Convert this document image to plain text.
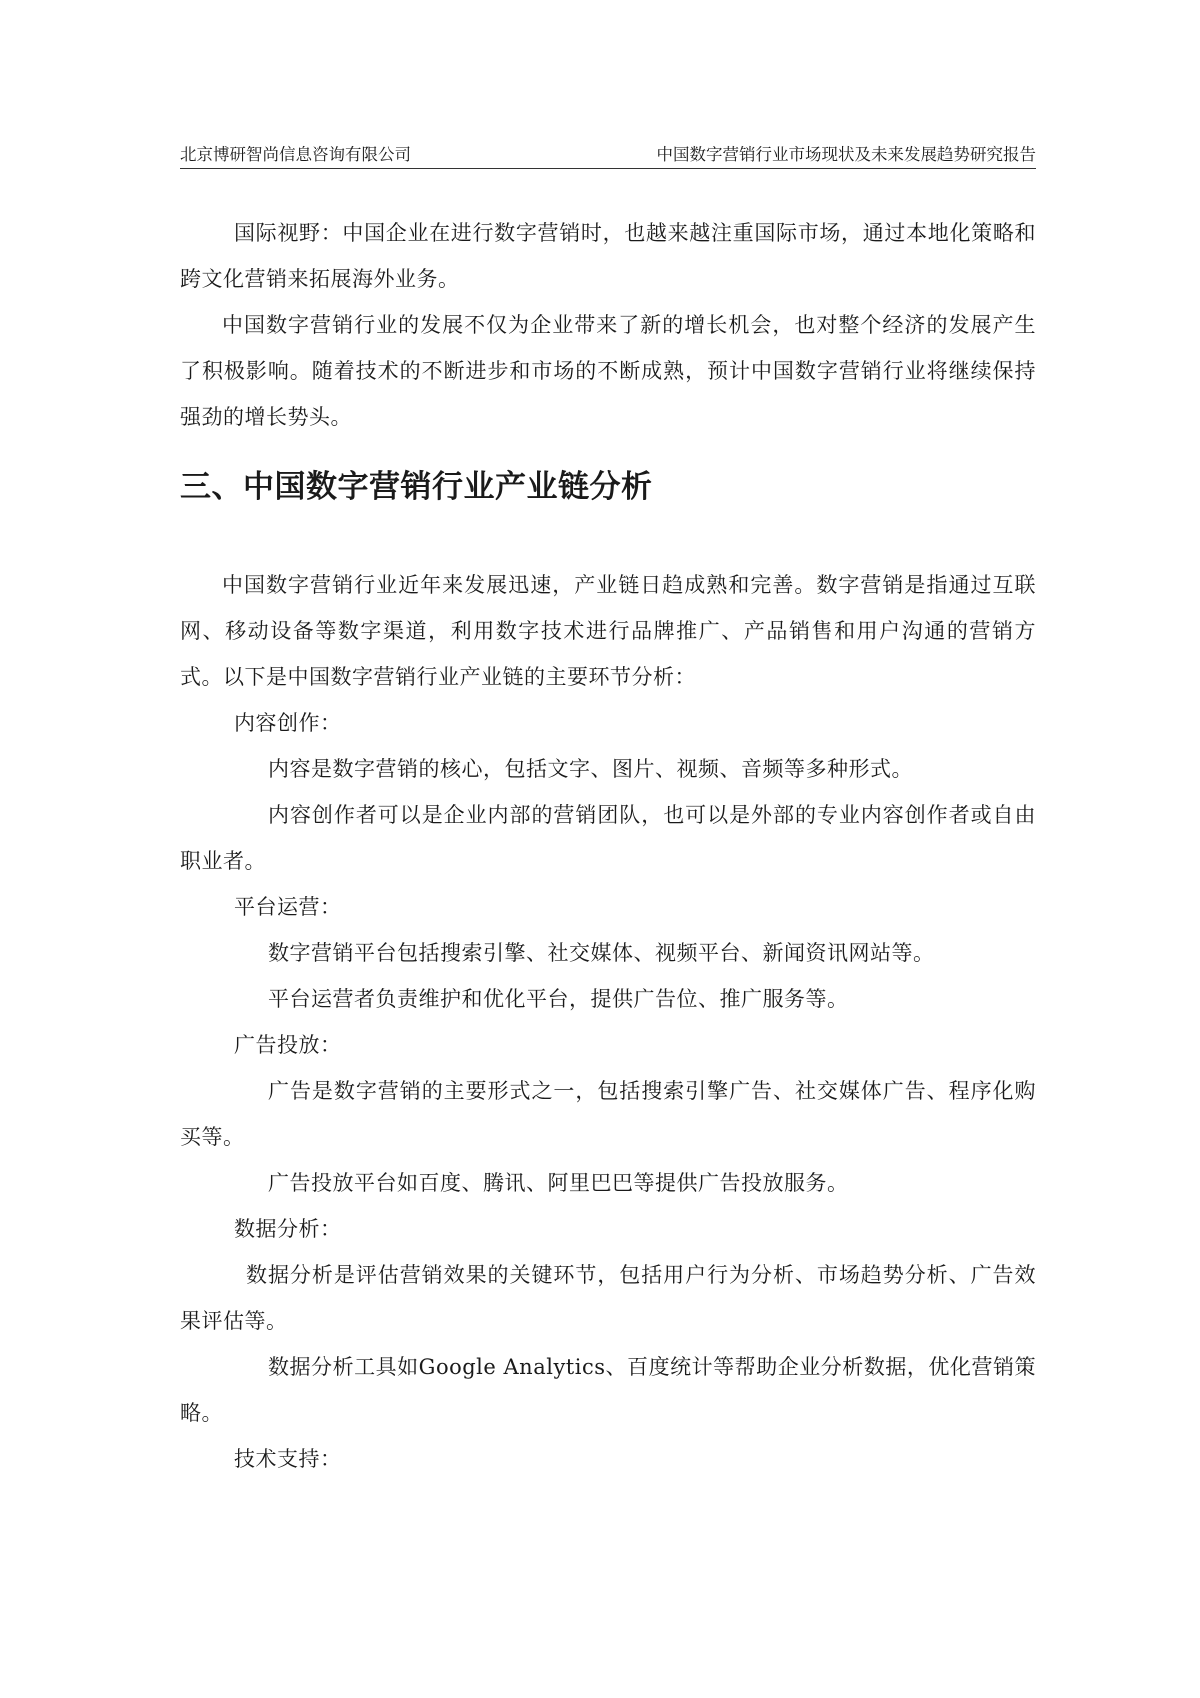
北京博研智尚信息咨询有限公司	中国数字营销行业市场现状及未来发展趋势研究报告

国际视野：中国企业在进行数字营销时，也越来越注重国际市场，通过本地化策略和跨文化营销来拓展海外业务。

中国数字营销行业的发展不仅为企业带来了新的增长机会，也对整个经济的发展产生了积极影响。随着技术的不断进步和市场的不断成熟，预计中国数字营销行业将继续保持强劲的增长势头。

三、中国数字营销行业产业链分析

中国数字营销行业近年来发展迅速，产业链日趋成熟和完善。数字营销是指通过互联网、移动设备等数字渠道，利用数字技术进行品牌推广、产品销售和用户沟通的营销方式。以下是中国数字营销行业产业链的主要环节分析：

内容创作：

内容是数字营销的核心，包括文字、图片、视频、音频等多种形式。

内容创作者可以是企业内部的营销团队，也可以是外部的专业内容创作者或自由职业者。

平台运营：

数字营销平台包括搜索引擎、社交媒体、视频平台、新闻资讯网站等。

平台运营者负责维护和优化平台，提供广告位、推广服务等。

广告投放：

广告是数字营销的主要形式之一，包括搜索引擎广告、社交媒体广告、程序化购买等。

广告投放平台如百度、腾讯、阿里巴巴等提供广告投放服务。

数据分析：

数据分析是评估营销效果的关键环节，包括用户行为分析、市场趋势分析、广告效果评估等。

数据分析工具如Google Analytics、百度统计等帮助企业分析数据，优化营销策略。

技术支持：
